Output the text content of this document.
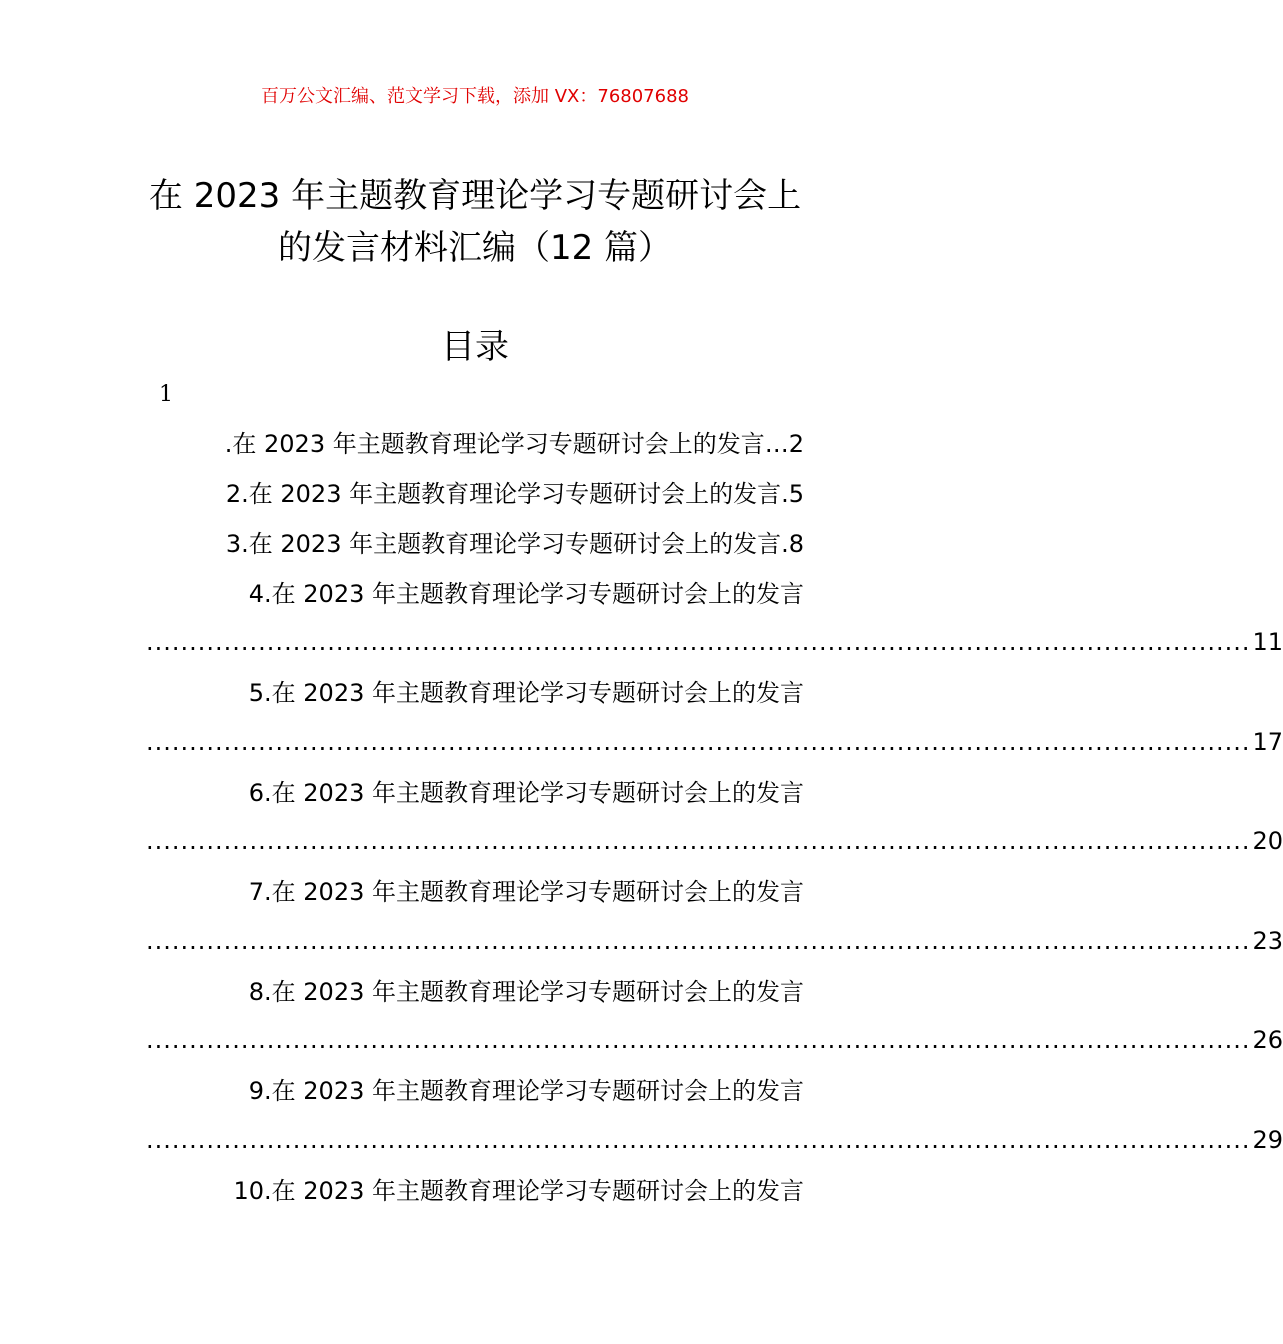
百万公文汇编、范文学习下载，添加 VX：76807688
在 2023 年主题教育理论学习专题研讨会上
的发言材料汇编（12 篇）
目录
1
.在 2023 年主题教育理论学习专题研讨会上的发言…2
2.在 2023 年主题教育理论学习专题研讨会上的发言.5
3.在 2023 年主题教育理论学习专题研讨会上的发言.8
4.在 2023 年主题教育理论学习专题研讨会上的发言
................................................................................................................................ 11
5.在 2023 年主题教育理论学习专题研讨会上的发言
................................................................................................................................ 17
6.在 2023 年主题教育理论学习专题研讨会上的发言
................................................................................................................................ 20
7.在 2023 年主题教育理论学习专题研讨会上的发言
................................................................................................................................ 23
8.在 2023 年主题教育理论学习专题研讨会上的发言
................................................................................................................................ 26
9.在 2023 年主题教育理论学习专题研讨会上的发言
................................................................................................................................ 29
10.在 2023 年主题教育理论学习专题研讨会上的发言
